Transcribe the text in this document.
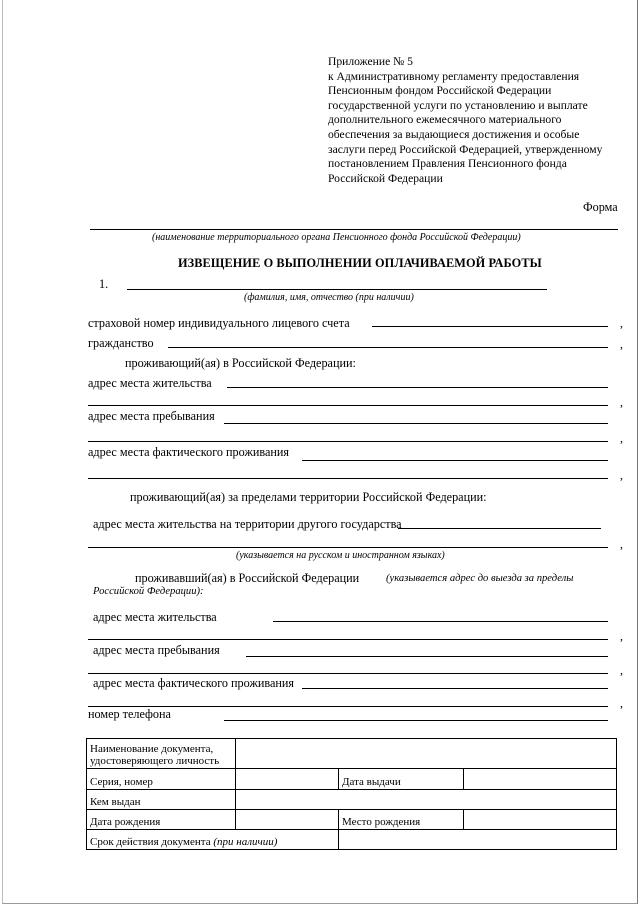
Приложение № 5
к Административному регламенту предоставления
Пенсионным фондом Российской Федерации
государственной услуги по установлению и выплате
дополнительного ежемесячного материального
обеспечения за выдающиеся достижения и особые
заслуги перед Российской Федерацией, утвержденному
постановлением Правления Пенсионного фонда
Российской Федерации
Форма
(наименование территориального органа Пенсионного фонда Российской Федерации)
ИЗВЕЩЕНИЕ О ВЫПОЛНЕНИИ ОПЛАЧИВАЕМОЙ РАБОТЫ
1.
(фамилия, имя, отчество (при наличии)
страховой номер индивидуального лицевого счета	,
гражданство	,
проживающий(ая) в Российской Федерации:
адрес места жительства
,
адрес места пребывания
,
адрес места фактического проживания
,
проживающий(ая) за пределами территории Российской Федерации:
адрес места жительства на территории другого государства
,
(указывается на русском и иностранном языках)
проживавший(ая) в Российской Федерации	(указывается адрес до выезда за пределы
Российской Федерации):
адрес места жительства
,
адрес места пребывания
,
адрес места фактического проживания
,
номер телефона
Наименование документа,
удостоверяющего личность			

Серия, номер		Дата выдачи	
Кем выдан			
Дата рождения		Место рождения	
Срок действия документа (при наличии)			
